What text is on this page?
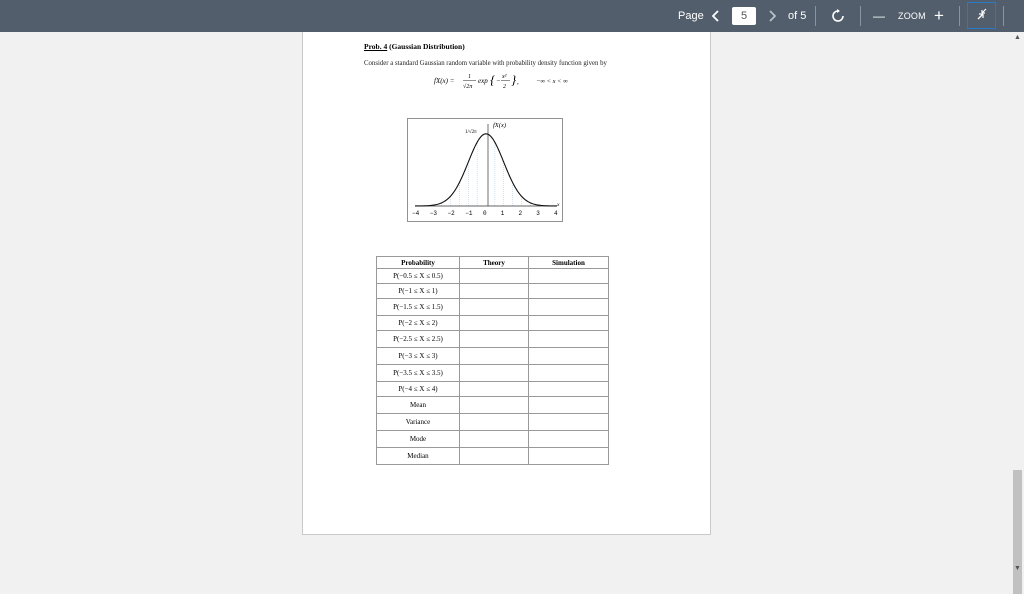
Page	5	of 5	— ZOOM +
Prob. 4 (Gaussian Distribution)
Consider a standard Gaussian random variable with probability density function given by
fX(x) = 1
√2π
exp { − x²
2 } ,	−∞ < x < ∞
−4 −3 −2 −1 0 1 2 3 4
fX(x)
x
1/√2π
Probability	Theory	Simulation
P(−0.5 ≤ X ≤ 0.5)		
P(−1 ≤ X ≤ 1)		
P(−1.5 ≤ X ≤ 1.5)		
P(−2 ≤ X ≤ 2)		
P(−2.5 ≤ X ≤ 2.5)		
P(−3 ≤ X ≤ 3)		
P(−3.5 ≤ X ≤ 3.5)		
P(−4 ≤ X ≤ 4)		
Mean		
Variance		
Mode		
Median		
▲
▼
